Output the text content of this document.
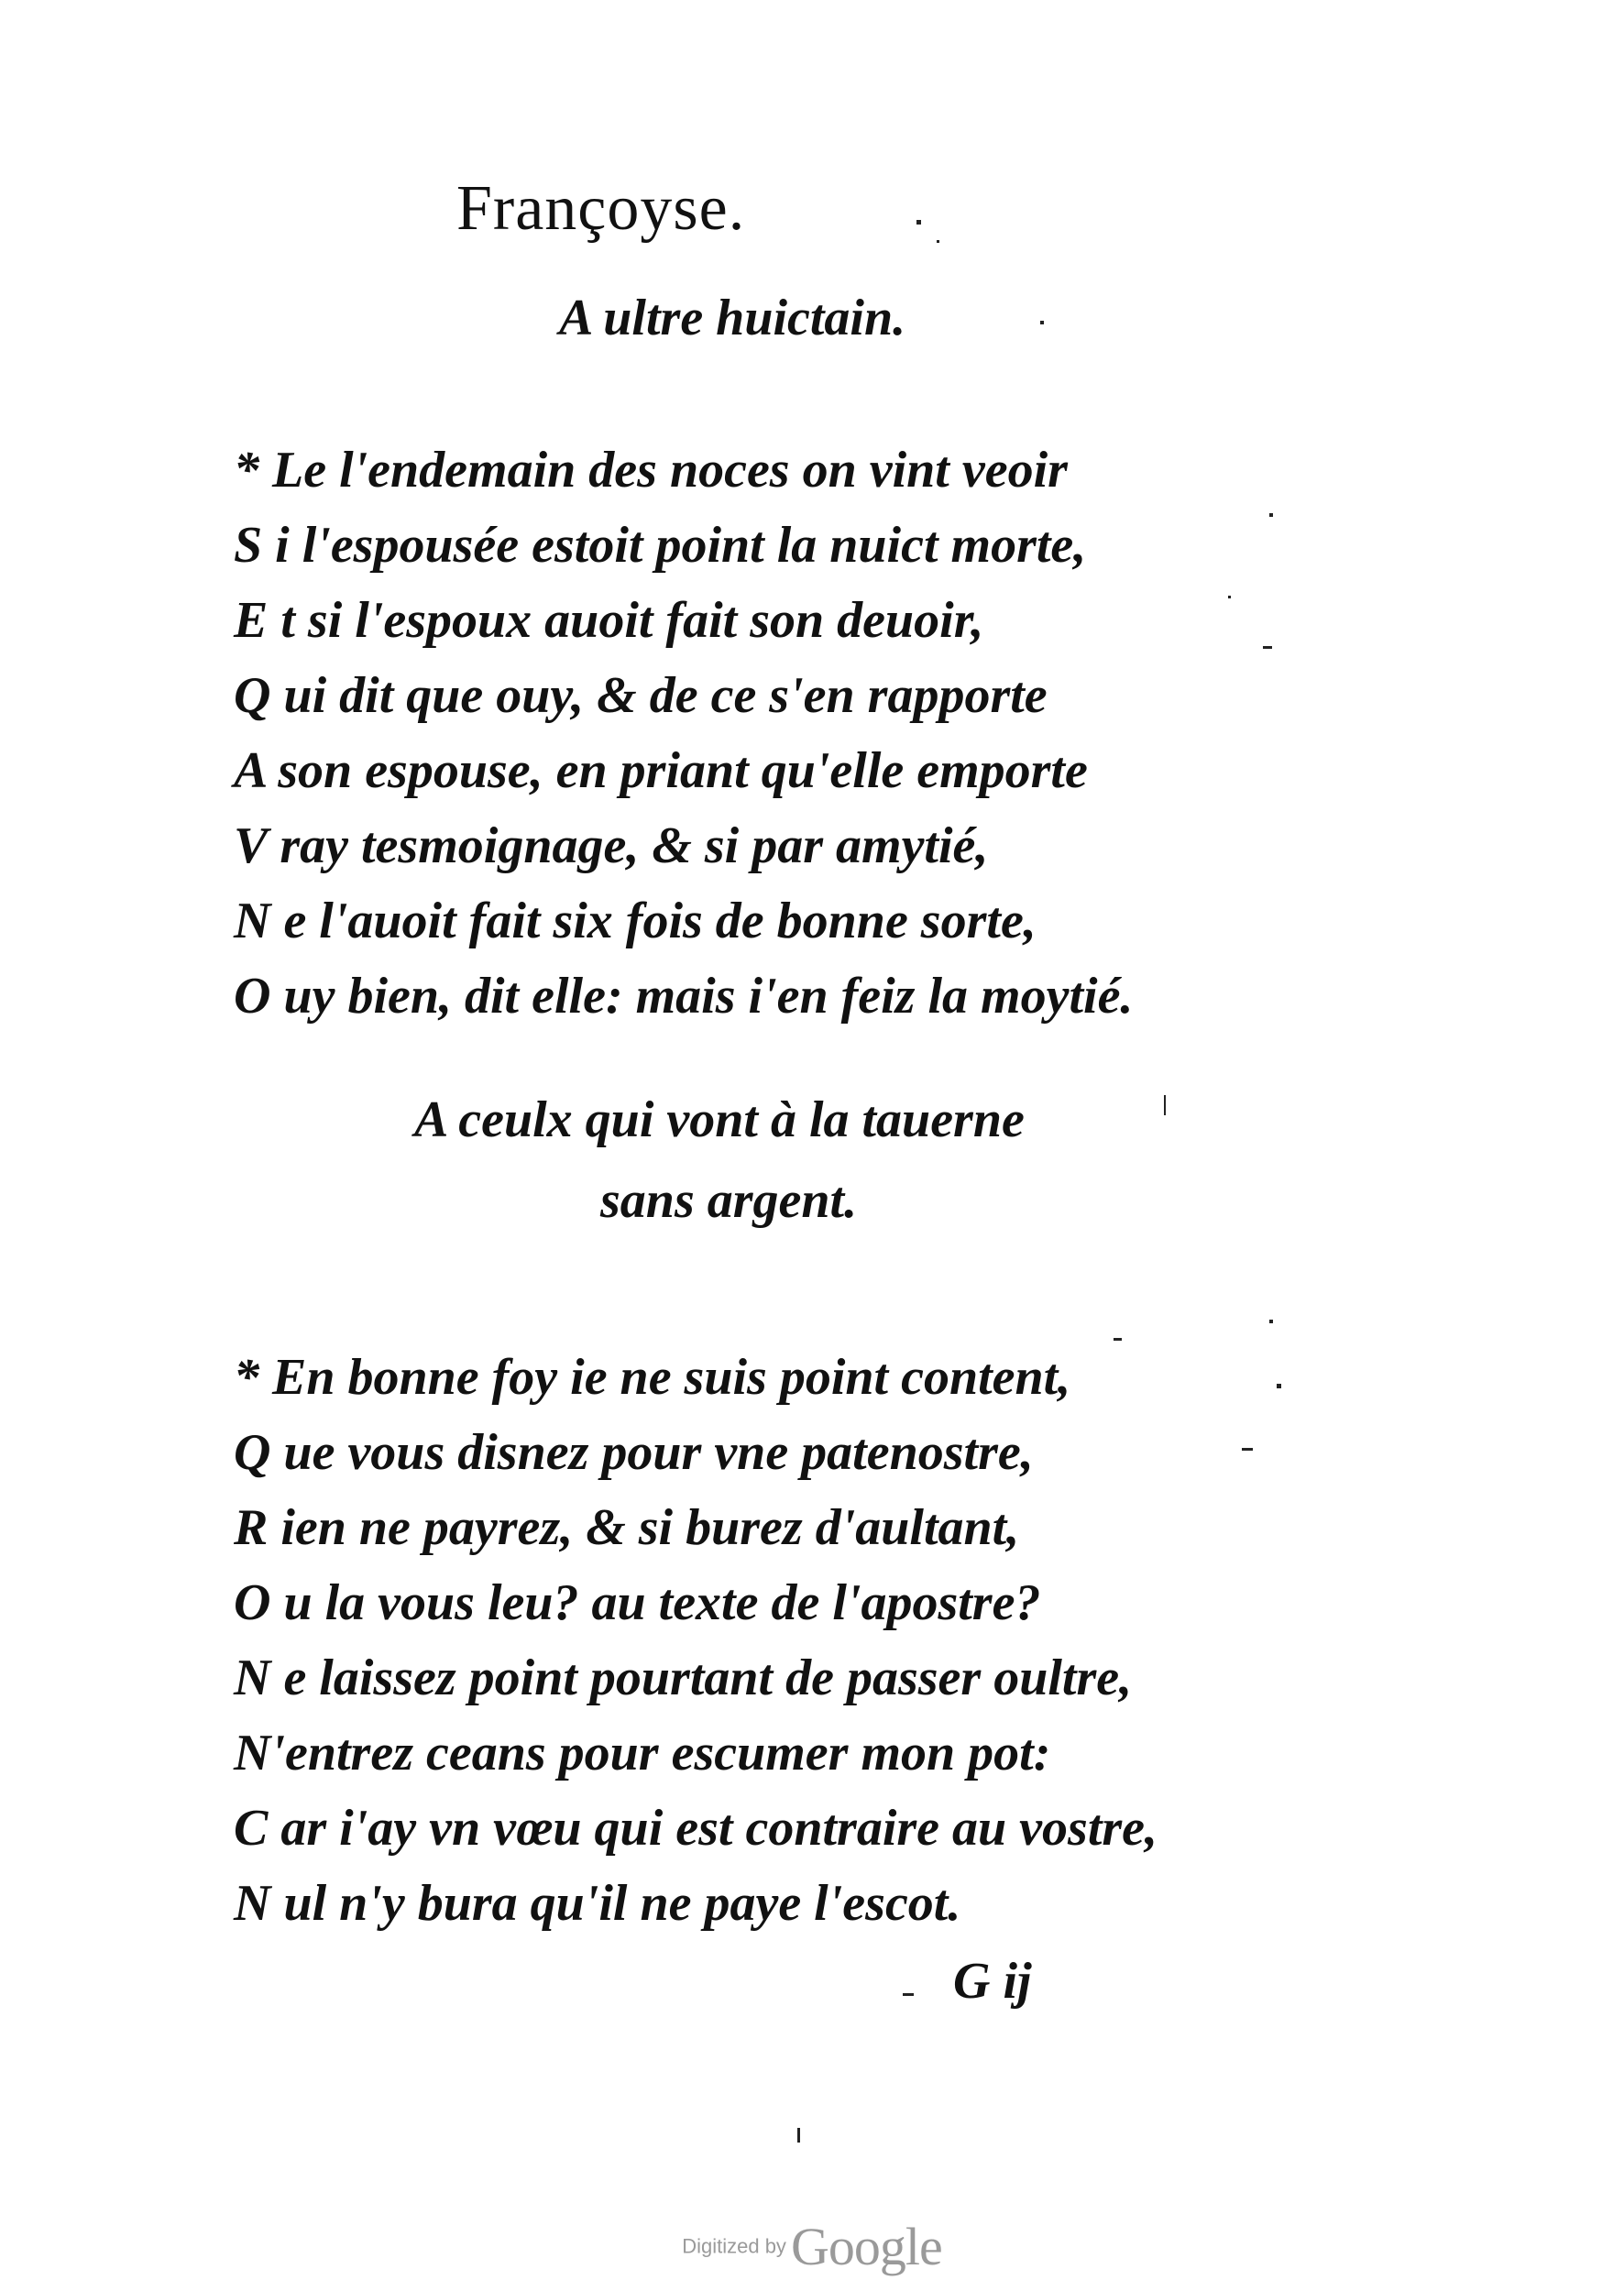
Françoyse.
A ultre huictain.
* Le l'endemain des noces on vint veoir
S i l'espousée estoit point la nuict morte,
E t si l'espoux auoit fait son deuoir,
Q ui dit que ouy, & de ce s'en rapporte
A son espouse, en priant qu'elle emporte
V ray tesmoignage, & si par amytié,
N e l'auoit fait six fois de bonne sorte,
O uy bien, dit elle: mais i'en feiz la moytié.
A ceulx qui vont à la tauerne
sans argent.
* En bonne foy ie ne suis point content,
Q ue vous disnez pour vne patenostre,
R ien ne payrez, & si burez d'aultant,
O u la vous leu? au texte de l'apostre?
N e laissez point pourtant de passer oultre,
N'entrez ceans pour escumer mon pot:
C ar i'ay vn vœu qui est contraire au vostre,
N ul n'y bura qu'il ne paye l'escot.
G ij
Digitized by Google
